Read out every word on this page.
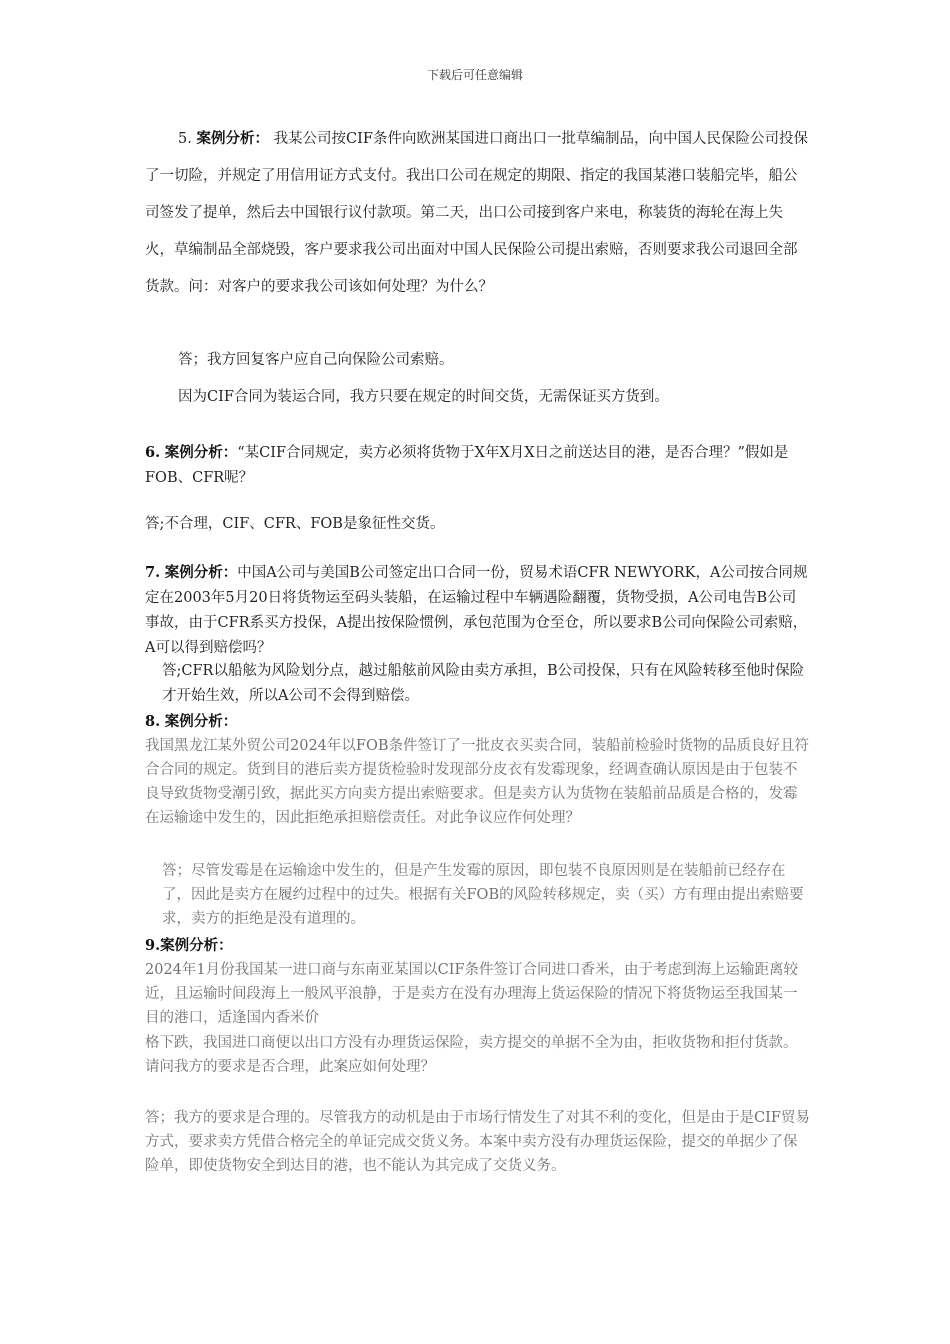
下载后可任意编辑

5. 案例分析： 我某公司按CIF条件向欧洲某国进口商出口一批草编制品，向中国人民保险公司投保了一切险，并规定了用信用证方式支付。我出口公司在规定的期限、指定的我国某港口装船完毕，船公司签发了提单，然后去中国银行议付款项。第二天，出口公司接到客户来电，称装货的海轮在海上失火，草编制品全部烧毁，客户要求我公司出面对中国人民保险公司提出索赔，否则要求我公司退回全部货款。问：对客户的要求我公司该如何处理？为什么？

答；我方回复客户应自己向保险公司索赔。

因为CIF合同为装运合同，我方只要在规定的时间交货，无需保证买方货到。

6. 案例分析：“某CIF合同规定，卖方必须将货物于X年X月X日之前送达目的港，是否合理？”假如是FOB、CFR呢？

答;不合理，CIF、CFR、FOB是象征性交货。

7. 案例分析：中国A公司与美国B公司签定出口合同一份，贸易术语CFR NEWYORK，A公司按合同规定在2003年5月20日将货物运至码头装船，在运输过程中车辆遇险翻覆，货物受损，A公司电告B公司事故，由于CFR系买方投保，A提出按保险惯例，承包范围为仓至仓，所以要求B公司向保险公司索赔，A可以得到赔偿吗？

答;CFR以船舷为风险划分点，越过船舷前风险由卖方承担，B公司投保，只有在风险转移至他时保险才开始生效，所以A公司不会得到赔偿。

8. 案例分析：

我国黑龙江某外贸公司2024年以FOB条件签订了一批皮衣买卖合同，装船前检验时货物的品质良好且符合合同的规定。货到目的港后卖方提货检验时发现部分皮衣有发霉现象，经调查确认原因是由于包装不良导致货物受潮引致，据此买方向卖方提出索赔要求。但是卖方认为货物在装船前品质是合格的，发霉在运输途中发生的，因此拒绝承担赔偿责任。对此争议应作何处理？

答；尽管发霉是在运输途中发生的，但是产生发霉的原因，即包装不良原因则是在装船前已经存在了，因此是卖方在履约过程中的过失。根据有关FOB的风险转移规定，卖（买）方有理由提出索赔要求，卖方的拒绝是没有道理的。

9.案例分析：

2024年1月份我国某一进口商与东南亚某国以CIF条件签订合同进口香米，由于考虑到海上运输距离较近，且运输时间段海上一般风平浪静，于是卖方在没有办理海上货运保险的情况下将货物运至我国某一目的港口，适逢国内香米价

格下跌，我国进口商便以出口方没有办理货运保险，卖方提交的单据不全为由，拒收货物和拒付货款。请问我方的要求是否合理，此案应如何处理？

答；我方的要求是合理的。尽管我方的动机是由于市场行情发生了对其不利的变化，但是由于是CIF贸易方式，要求卖方凭借合格完全的单证完成交货义务。本案中卖方没有办理货运保险，提交的单据少了保险单，即使货物安全到达目的港，也不能认为其完成了交货义务。
